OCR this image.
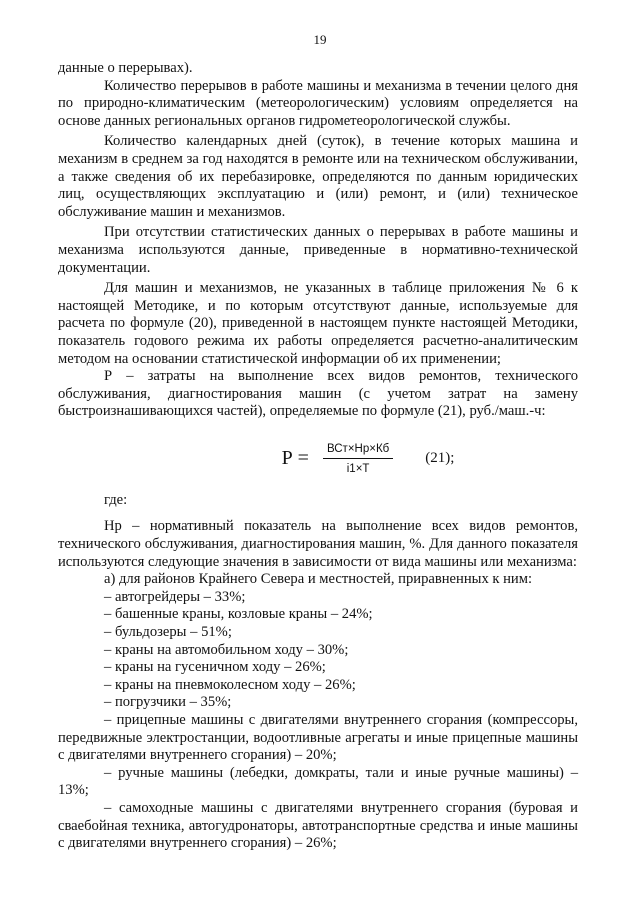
19

данные о перерывах).

Количество перерывов в работе машины и механизма в течении целого дня по природно-климатическим (метеорологическим) условиям определяется на основе данных региональных органов гидрометеорологической службы.

Количество календарных дней (суток), в течение которых машина и механизм в среднем за год находятся в ремонте или на техническом обслуживании, а также сведения об их перебазировке, определяются по данным юридических лиц, осуществляющих эксплуатацию и (или) ремонт, и (или) техническое обслуживание машин и механизмов.

При отсутствии статистических данных о перерывах в работе машины и механизма используются данные, приведенные в нормативно-технической документации.

Для машин и механизмов, не указанных в таблице приложения № 6 к настоящей Методике, и по которым отсутствуют данные, используемые для расчета по формуле (20), приведенной в настоящем пункте настоящей Методики, показатель годового режима их работы определяется расчетно-аналитическим методом на основании статистической информации об их применении;

Р – затраты на выполнение всех видов ремонтов, технического обслуживания, диагностирования машин (с учетом затрат на замену быстроизнашивающихся частей), определяемые по формуле (21), руб./маш.-ч:

$Р = \frac{\text{ВСт×Нр×Кб}}{i1\times Т} (21)$;

где:

Нр – нормативный показатель на выполнение всех видов ремонтов, технического обслуживания, диагностирования машин, %. Для данного показателя используются следующие значения в зависимости от вида машины или механизма:

а) для районов Крайнего Севера и местностей, приравненных к ним:

– автогрейдеры – 33%;

– башенные краны, козловые краны – 24%;

– бульдозеры – 51%;

– краны на автомобильном ходу – 30%;

– краны на гусеничном ходу – 26%;

– краны на пневмоколесном ходу – 26%;

– погрузчики – 35%;

– прицепные машины с двигателями внутреннего сгорания (компрессоры, передвижные электростанции, водоотливные агрегаты и иные прицепные машины с двигателями внутреннего сгорания) – 20%;

– ручные машины (лебедки, домкраты, тали и иные ручные машины) – 13%;

– самоходные машины с двигателями внутреннего сгорания (буровая и сваебойная техника, автогудронаторы, автотранспортные средства и иные машины с двигателями внутреннего сгорания) – 26%;
